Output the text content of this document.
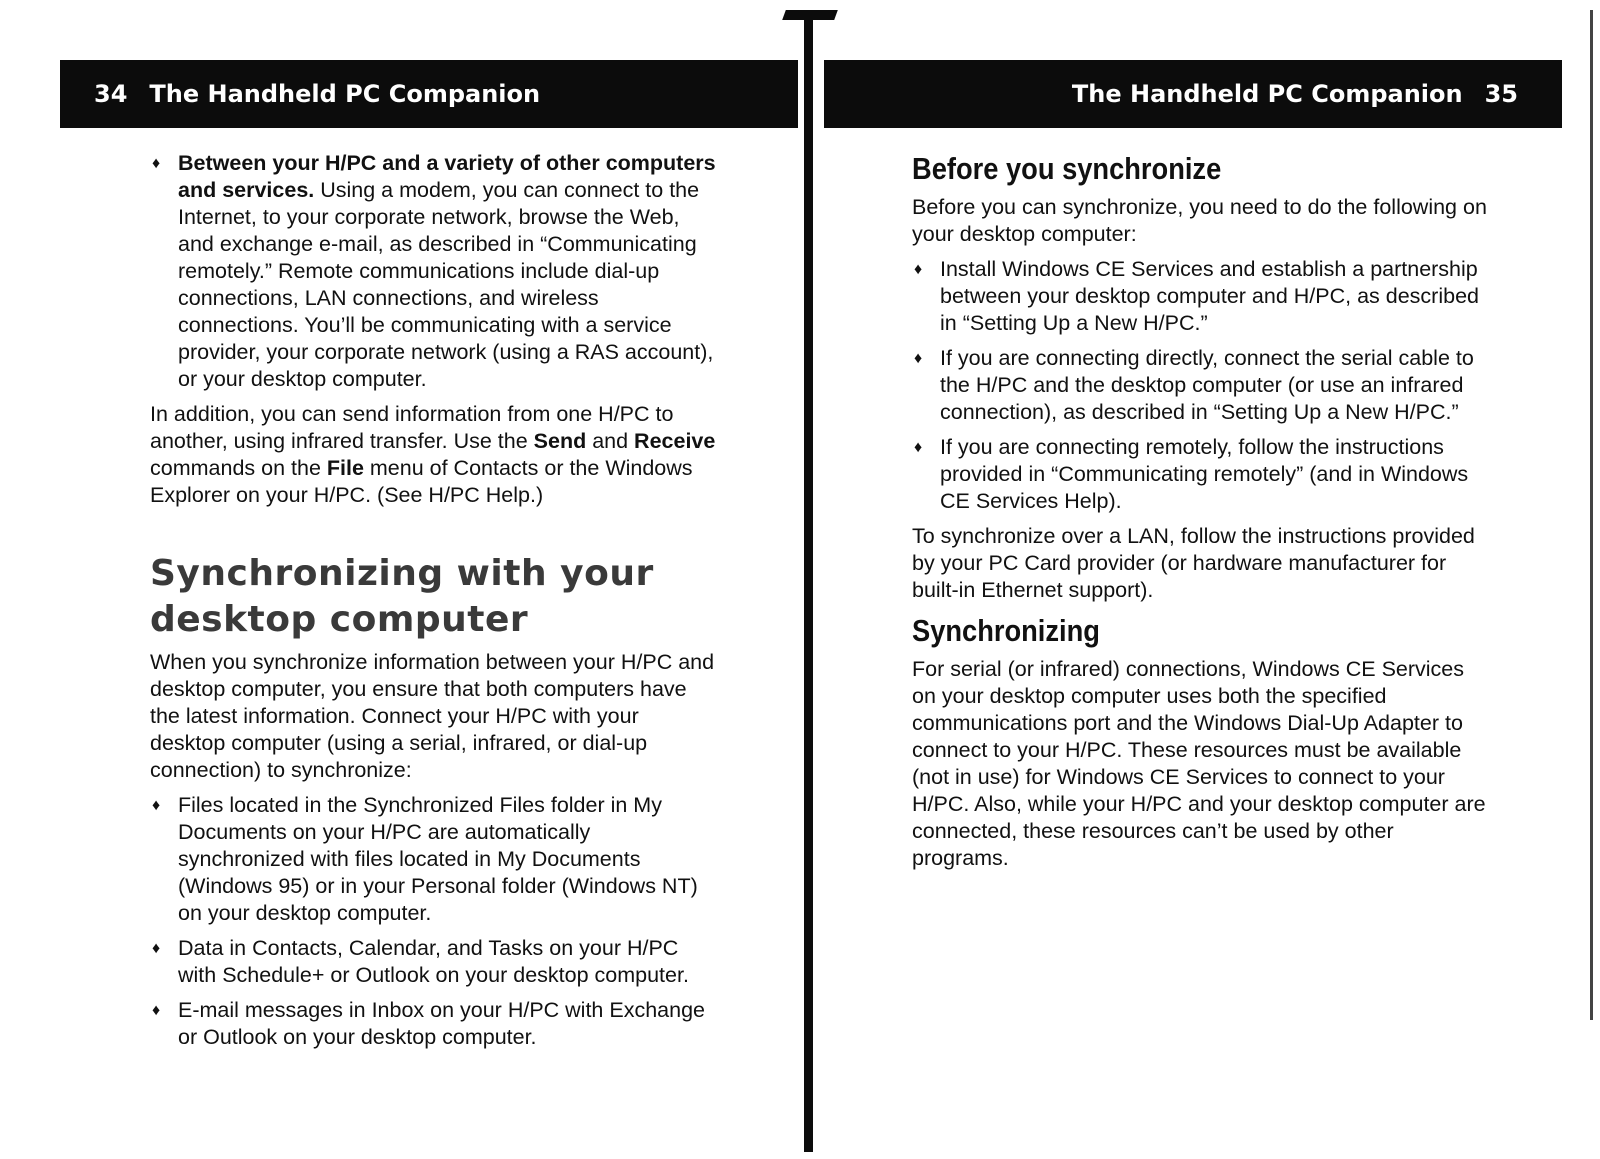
34 The Handheld PC Companion	The Handheld PC Companion 35
♦ Between your H/PC and a variety of other computers and services. Using a modem, you can connect to the Internet, to your corporate network, browse the Web, and exchange e-mail, as described in “Communicating remotely.” Remote communications include dial-up connections, LAN connections, and wireless connections. You’ll be communicating with a service provider, your corporate network (using a RAS account), or your desktop computer.

In addition, you can send information from one H/PC to another, using infrared transfer. Use the Send and Receive commands on the File menu of Contacts or the Windows Explorer on your H/PC. (See H/PC Help.)

Synchronizing with your desktop computer

When you synchronize information between your H/PC and desktop computer, you ensure that both computers have the latest information. Connect your H/PC with your desktop computer (using a serial, infrared, or dial-up connection) to synchronize:

♦ Files located in the Synchronized Files folder in My Documents on your H/PC are automatically synchronized with files located in My Documents (Windows 95) or in your Personal folder (Windows NT) on your desktop computer.
♦ Data in Contacts, Calendar, and Tasks on your H/PC with Schedule+ or Outlook on your desktop computer.
♦ E-mail messages in Inbox on your H/PC with Exchange or Outlook on your desktop computer.
Before you synchronize

Before you can synchronize, you need to do the following on your desktop computer:

♦ Install Windows CE Services and establish a partnership between your desktop computer and H/PC, as described in “Setting Up a New H/PC.”
♦ If you are connecting directly, connect the serial cable to the H/PC and the desktop computer (or use an infrared connection), as described in “Setting Up a New H/PC.”
♦ If you are connecting remotely, follow the instructions provided in “Communicating remotely” (and in Windows CE Services Help).

To synchronize over a LAN, follow the instructions provided by your PC Card provider (or hardware manufacturer for built-in Ethernet support).

Synchronizing

For serial (or infrared) connections, Windows CE Services on your desktop computer uses both the specified communications port and the Windows Dial-Up Adapter to connect to your H/PC. These resources must be available (not in use) for Windows CE Services to connect to your H/PC. Also, while your H/PC and your desktop computer are connected, these resources can’t be used by other programs.
